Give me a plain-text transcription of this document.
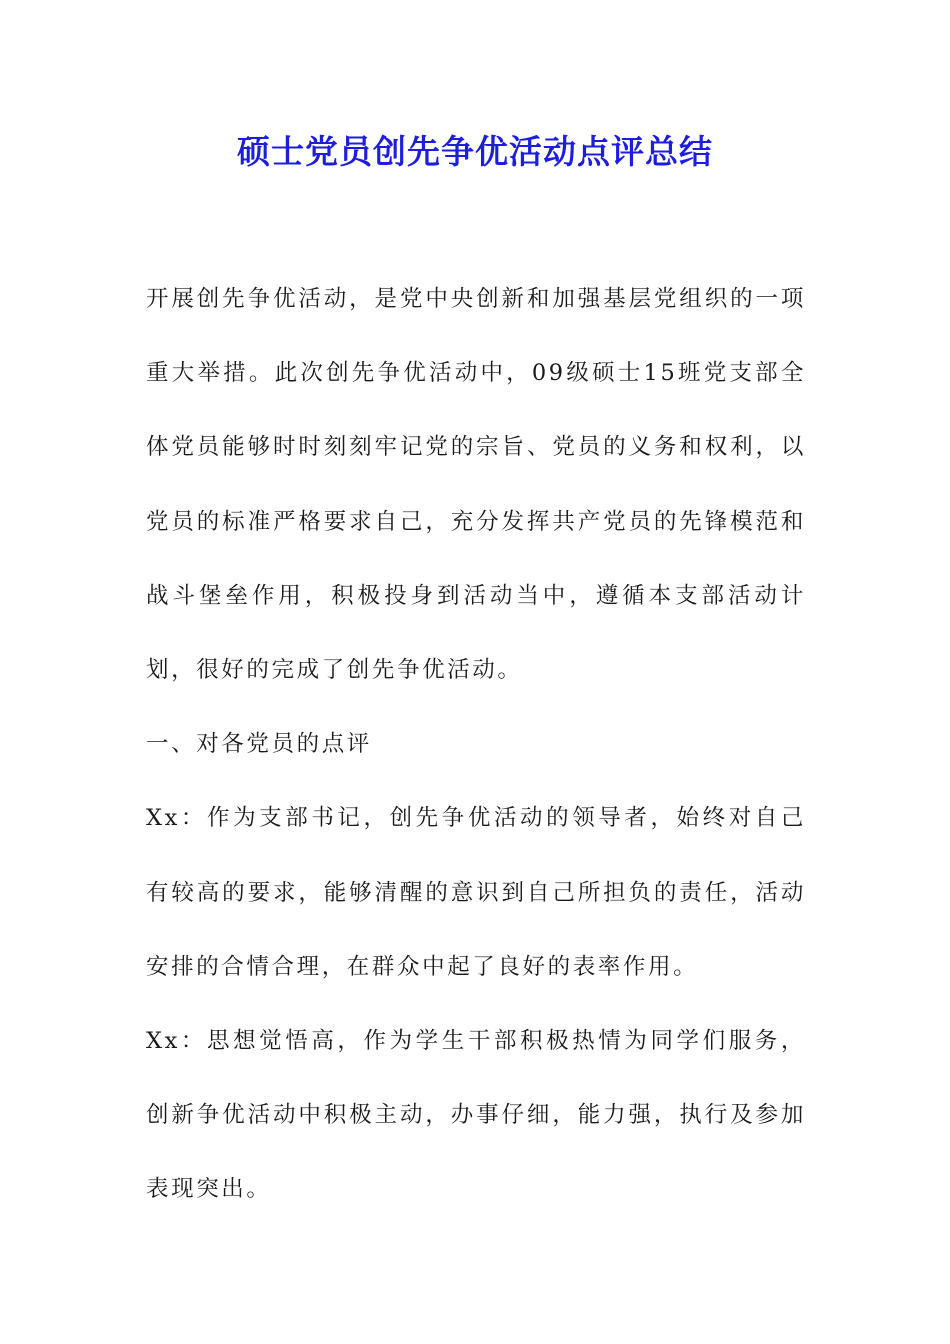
硕士党员创先争优活动点评总结

开展创先争优活动，是党中央创新和加强基层党组织的一项重大举措。此次创先争优活动中，09级硕士15班党支部全体党员能够时时刻刻牢记党的宗旨、党员的义务和权利，以党员的标准严格要求自己，充分发挥共产党员的先锋模范和战斗堡垒作用，积极投身到活动当中，遵循本支部活动计划，很好的完成了创先争优活动。

一、对各党员的点评

Xx：作为支部书记，创先争优活动的领导者，始终对自己有较高的要求，能够清醒的意识到自己所担负的责任，活动安排的合情合理，在群众中起了良好的表率作用。

Xx：思想觉悟高，作为学生干部积极热情为同学们服务，创新争优活动中积极主动，办事仔细，能力强，执行及参加表现突出。
